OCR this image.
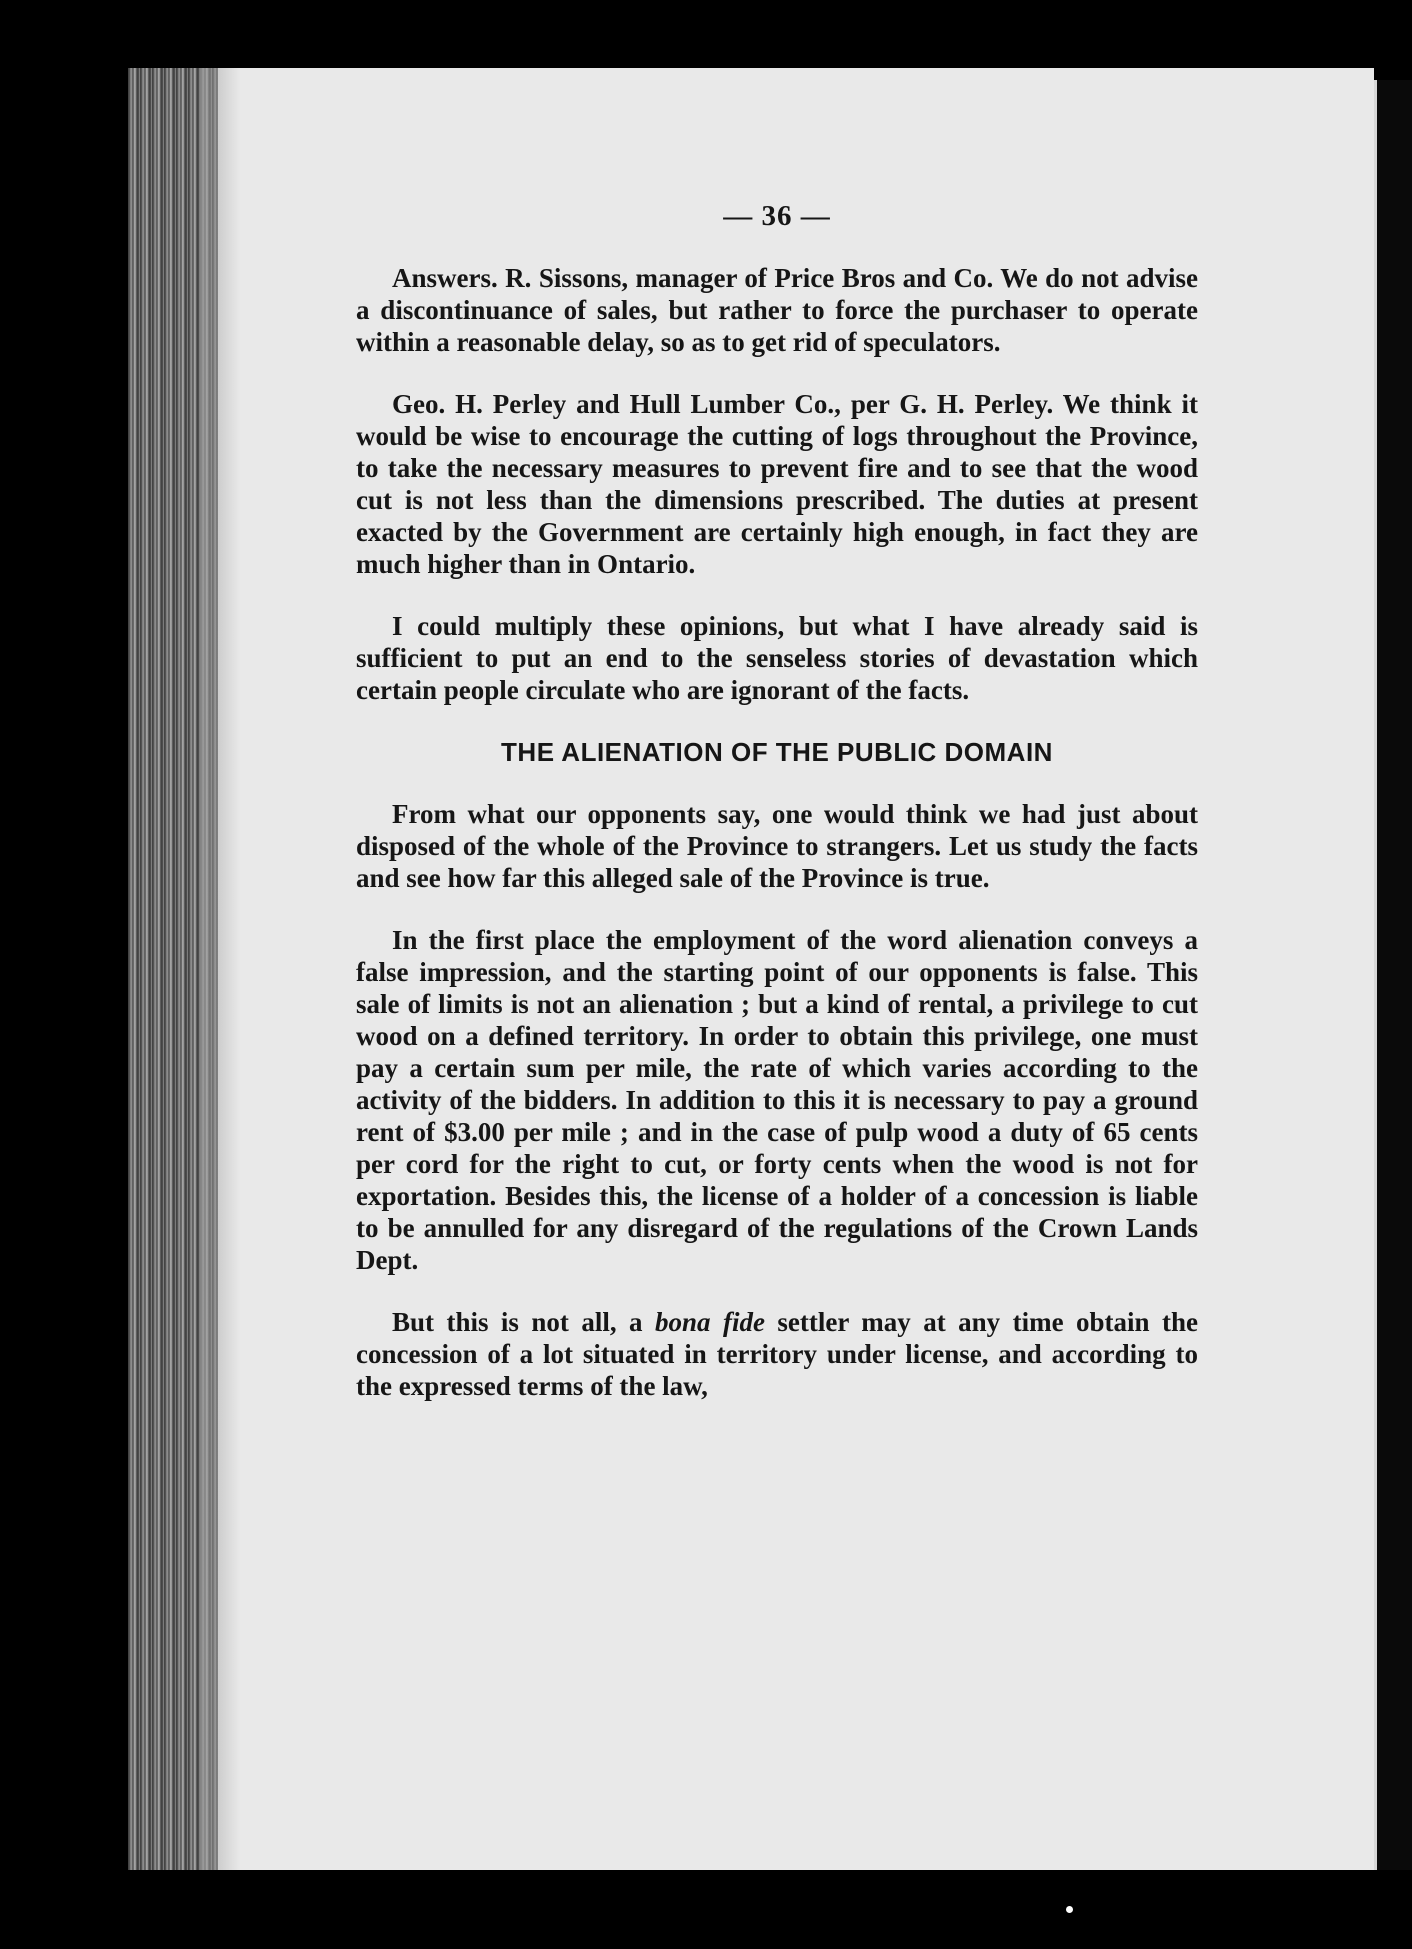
— 36 —

Answers. R. Sissons, manager of Price Bros and Co. We do not advise a discontinuance of sales, but rather to force the purchaser to operate within a reasonable delay, so as to get rid of speculators.

Geo. H. Perley and Hull Lumber Co., per G. H. Perley. We think it would be wise to encourage the cutting of logs throughout the Province, to take the necessary measures to prevent fire and to see that the wood cut is not less than the dimensions prescribed. The duties at present exacted by the Government are certainly high enough, in fact they are much higher than in Ontario.

I could multiply these opinions, but what I have already said is sufficient to put an end to the senseless stories of devastation which certain people circulate who are ignorant of the facts.

THE ALIENATION OF THE PUBLIC DOMAIN

From what our opponents say, one would think we had just about disposed of the whole of the Province to strangers. Let us study the facts and see how far this alleged sale of the Province is true.

In the first place the employment of the word alienation conveys a false impression, and the starting point of our opponents is false. This sale of limits is not an alienation ; but a kind of rental, a privilege to cut wood on a defined territory. In order to obtain this privilege, one must pay a certain sum per mile, the rate of which varies according to the activity of the bidders. In addition to this it is necessary to pay a ground rent of $3.00 per mile ; and in the case of pulp wood a duty of 65 cents per cord for the right to cut, or forty cents when the wood is not for exportation. Besides this, the license of a holder of a concession is liable to be annulled for any disregard of the regulations of the Crown Lands Dept.

But this is not all, a bona fide settler may at any time obtain the concession of a lot situated in territory under license, and according to the expressed terms of the law,
